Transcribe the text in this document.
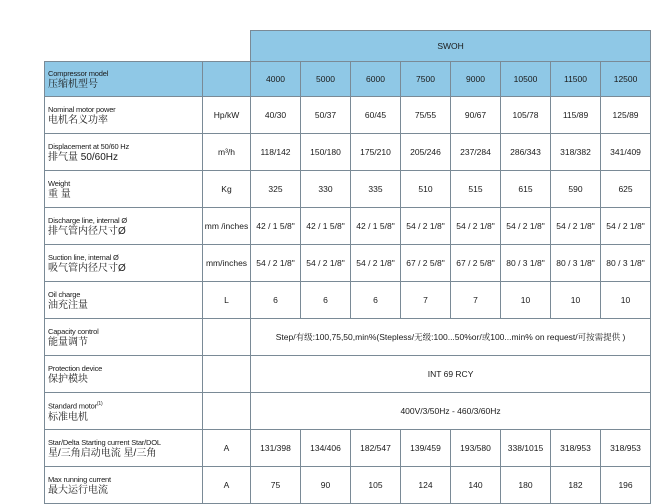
		SWOH							

Compressor model
压缩机型号		4000	5000	6000	7500	9000	10500	11500	12500

Nominal motor power
电机名义功率	Hp/kW	40/30	50/37	60/45	75/55	90/67	105/78	115/89	125/89

Displacement at 50/60 Hz
排气量 50/60Hz	m³/h	118/142	150/180	175/210	205/246	237/284	286/343	318/382	341/409

Weight
重 量	Kg	325	330	335	510	515	615	590	625

Discharge line, internal Ø
排气管内径尺寸Ø	mm /inches	42 / 1 5/8"	42 / 1 5/8"	42 / 1 5/8"	54 / 2 1/8"	54 / 2 1/8"	54 / 2 1/8"	54 / 2 1/8"	54 / 2 1/8"

Suction line, internal Ø
吸气管内径尺寸Ø	mm/inches	54 / 2 1/8"	54 / 2 1/8"	54 / 2 1/8"	67 / 2 5/8"	67 / 2 5/8"	80 / 3 1/8"	80 / 3 1/8"	80 / 3 1/8"

Oil charge
油充注量	L	6	6	6	7	7	10	10	10

Capacity control
能量调节		Step/有级:100,75,50,min%(Stepless/无级:100...50%or/或100...min% on request/可按需提供 )							

Protection device
保护模块		INT 69 RCY							

Standard motor$^{(1)}$
标准电机		400V/3/50Hz - 460/3/60Hz							

Star/Delta Starting current Star/DOL
星/三角启动电流 星/三角	A	131/398	134/406	182/547	139/459	193/580	338/1015	318/953	318/953

Max running current
最大运行电流	A	75	90	105	124	140	180	182	196
